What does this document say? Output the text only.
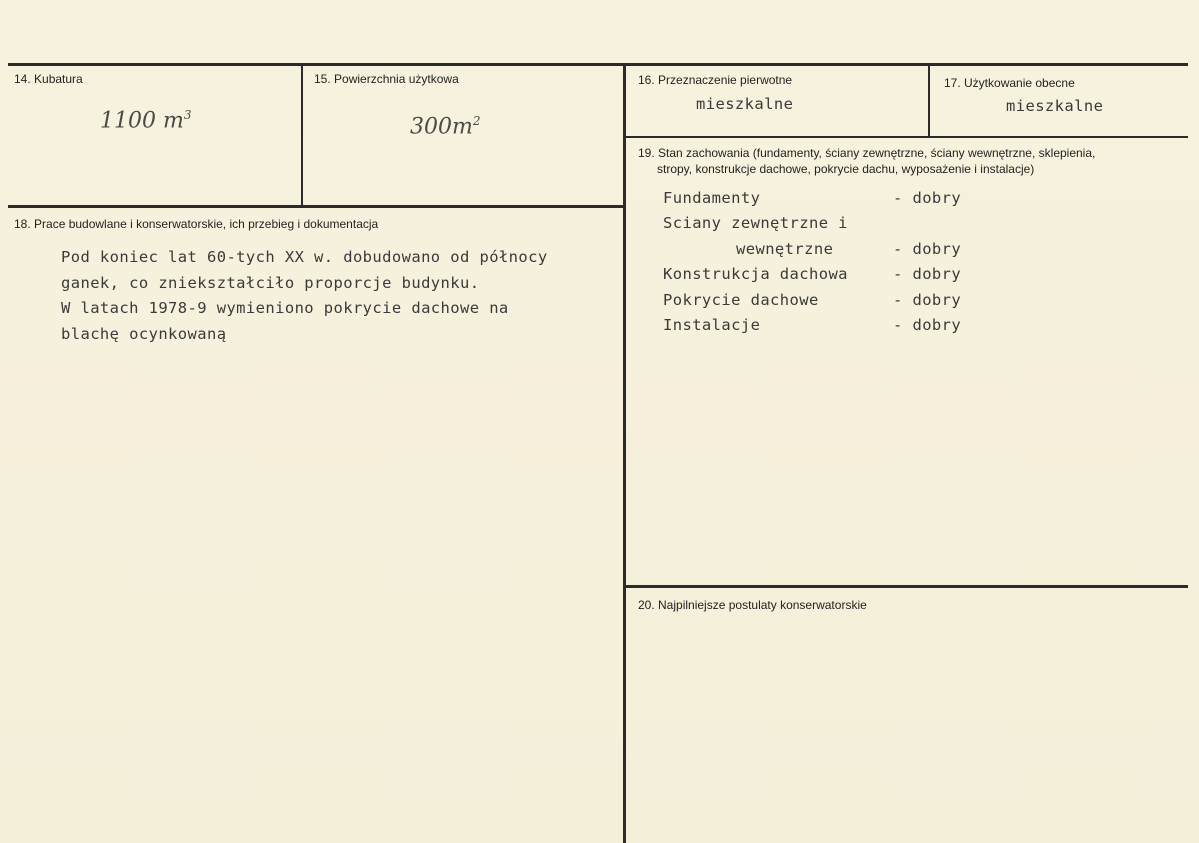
14. Kubatura
1100 $m^3$
15. Powierzchnia użytkowa
$300m^2$
16. Przeznaczenie pierwotne
mieszkalne
17. Użytkowanie obecne
mieszkalne
18. Prace budowlane i konserwatorskie, ich przebieg i dokumentacja
Pod koniec lat 60-tych XX w. dobudowano od północy
ganek, co zniekształciło proporcje budynku.
W latach 1978-9 wymieniono pokrycie dachowe na
blachę ocynkowaną
19. Stan zachowania (fundamenty, ściany zewnętrzne, ściany wewnętrzne, sklepienia,
stropy, konstrukcje dachowe, pokrycie dachu, wyposażenie i instalacje)
Fundamenty	- dobry
Sciany zewnętrzne i
wewnętrzne	- dobry
Konstrukcja dachowa	- dobry
Pokrycie dachowe	- dobry
Instalacje	- dobry
20. Najpilniejsze postulaty konserwatorskie
